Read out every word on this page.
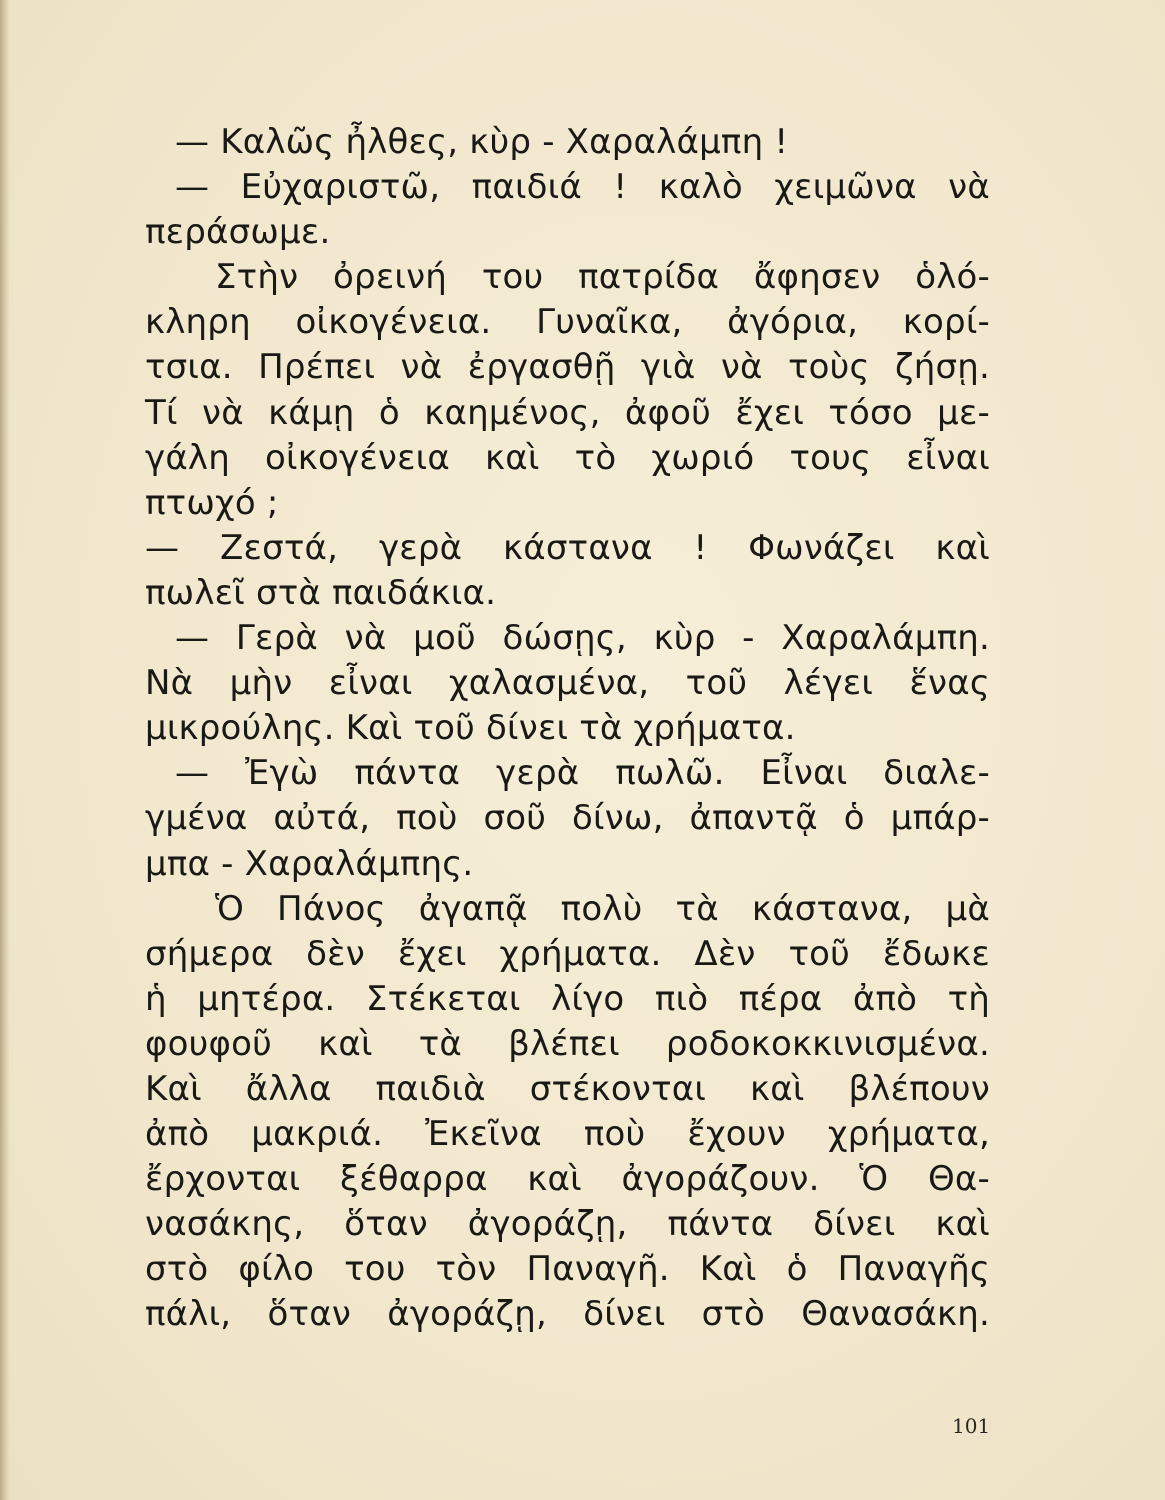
— Καλῶς ἦλθες, κὺρ - Χαραλάμπη !
— Εὐχαριστῶ, παιδιά ! καλὸ χειμῶνα νὰ
περάσωμε.
Στὴν ὀρεινή του πατρίδα ἄφησεν ὁλό-
κληρη οἰκογένεια. Γυναῖκα, ἀγόρια, κορί-
τσια. Πρέπει νὰ ἐργασθῇ γιὰ νὰ τοὺς ζήσῃ.
Τί νὰ κάμῃ ὁ καημένος, ἀφοῦ ἔχει τόσο με-
γάλη οἰκογένεια καὶ τὸ χωριό τους εἶναι
πτωχό ;
— Ζεστά, γερὰ κάστανα ! Φωνάζει καὶ
πωλεῖ στὰ παιδάκια.
— Γερὰ νὰ μοῦ δώσῃς, κὺρ - Χαραλάμπη.
Νὰ μὴν εἶναι χαλασμένα, τοῦ λέγει ἕνας
μικρούλης. Καὶ τοῦ δίνει τὰ χρήματα.
— Ἐγὼ πάντα γερὰ πωλῶ. Εἶναι διαλε-
γμένα αὐτά, ποὺ σοῦ δίνω, ἀπαντᾷ ὁ μπάρ-
μπα - Χαραλάμπης.
Ὁ Πάνος ἀγαπᾷ πολὺ τὰ κάστανα, μὰ
σήμερα δὲν ἔχει χρήματα. Δὲν τοῦ ἔδωκε
ἡ μητέρα. Στέκεται λίγο πιὸ πέρα ἀπὸ τὴ
φουφοῦ καὶ τὰ βλέπει ροδοκοκκινισμένα.
Καὶ ἄλλα παιδιὰ στέκονται καὶ βλέπουν
ἀπὸ μακριά. Ἐκεῖνα ποὺ ἔχουν χρήματα,
ἔρχονται ξέθαρρα καὶ ἀγοράζουν. Ὁ Θα-
νασάκης, ὅταν ἀγοράζῃ, πάντα δίνει καὶ
στὸ φίλο του τὸν Παναγῆ. Καὶ ὁ Παναγῆς
πάλι, ὅταν ἀγοράζῃ, δίνει στὸ Θανασάκη.
101
